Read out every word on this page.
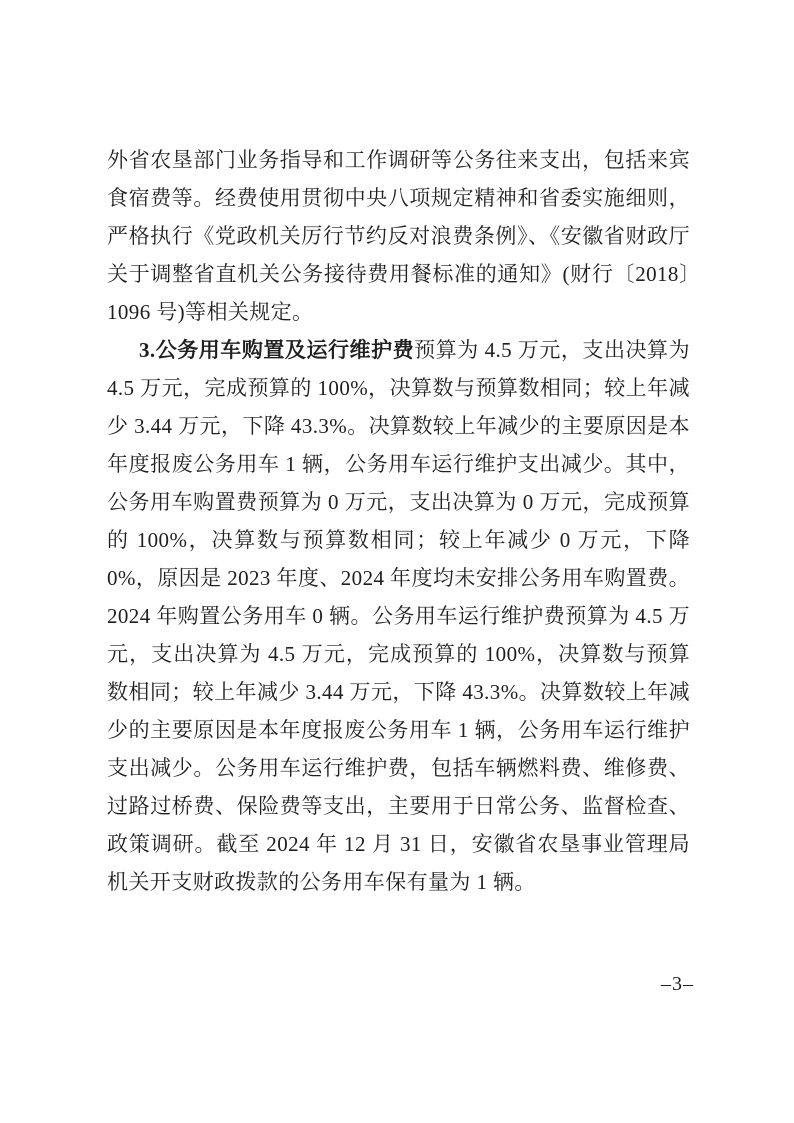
外省农垦部门业务指导和工作调研等公务往来支出，包括来宾食宿费等。经费使用贯彻中央八项规定精神和省委实施细则，严格执行《党政机关厉行节约反对浪费条例》、《安徽省财政厅关于调整省直机关公务接待费用餐标准的通知》(财行〔2018〕1096 号)等相关规定。

3.公务用车购置及运行维护费预算为 4.5 万元，支出决算为 4.5 万元，完成预算的 100%，决算数与预算数相同；较上年减少 3.44 万元，下降 43.3%。决算数较上年减少的主要原因是本年度报废公务用车 1 辆，公务用车运行维护支出减少。其中，公务用车购置费预算为 0 万元，支出决算为 0 万元，完成预算的 100%，决算数与预算数相同；较上年减少 0 万元，下降 0%，原因是 2023 年度、2024 年度均未安排公务用车购置费。2024 年购置公务用车 0 辆。公务用车运行维护费预算为 4.5 万元，支出决算为 4.5 万元，完成预算的 100%，决算数与预算数相同；较上年减少 3.44 万元，下降 43.3%。决算数较上年减少的主要原因是本年度报废公务用车 1 辆，公务用车运行维护支出减少。公务用车运行维护费，包括车辆燃料费、维修费、过路过桥费、保险费等支出，主要用于日常公务、监督检查、政策调研。截至 2024 年 12 月 31 日，安徽省农垦事业管理局机关开支财政拨款的公务用车保有量为 1 辆。

–3–
